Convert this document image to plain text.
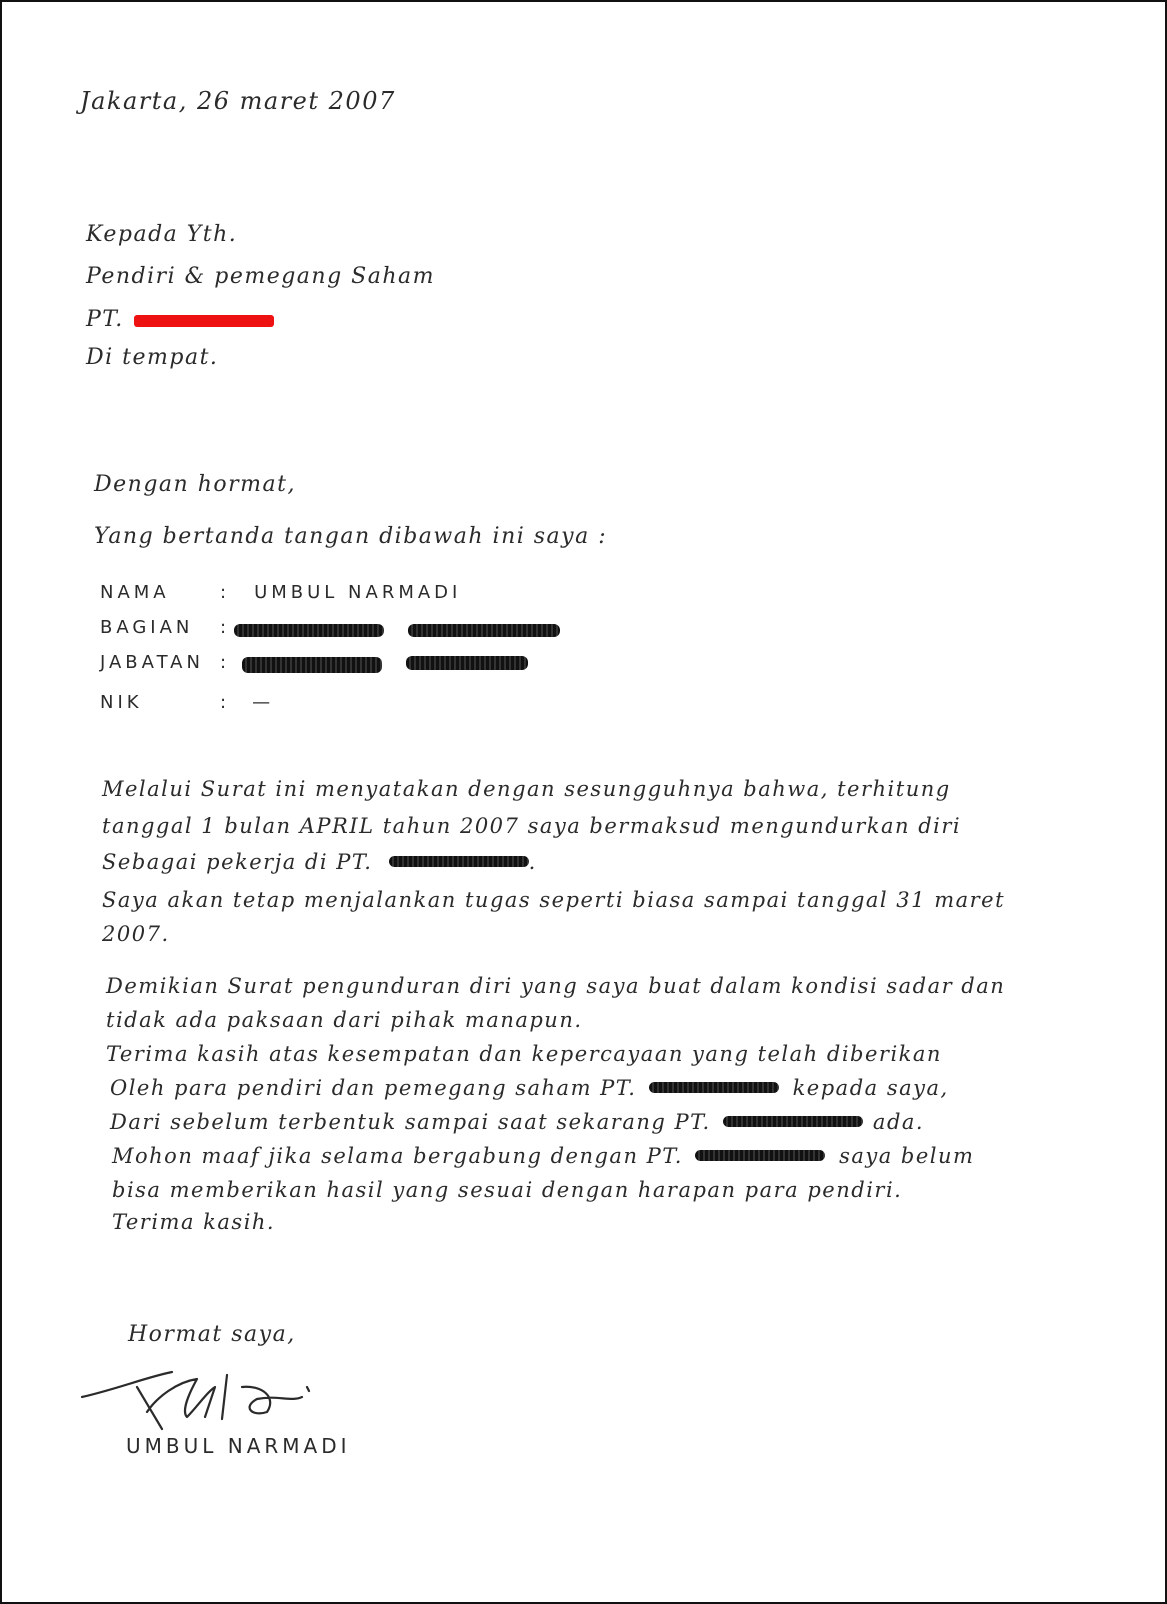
Jakarta, 26 maret 2007
Kepada Yth.
Pendiri & pemegang Saham
PT.
Di tempat.
Dengan hormat,
Yang bertanda tangan dibawah ini saya :
NAMA	: UMBUL NARMADI
BAGIAN :
JABATAN :
NIK	: —
Melalui Surat ini menyatakan dengan sesungguhnya bahwa, terhitung
tanggal 1 bulan APRIL tahun 2007 saya bermaksud mengundurkan diri
Sebagai pekerja di PT.	.
Saya akan tetap menjalankan tugas seperti biasa sampai tanggal 31 maret
2007.
Demikian Surat pengunduran diri yang saya buat dalam kondisi sadar dan
tidak ada paksaan dari pihak manapun.
Terima kasih atas kesempatan dan kepercayaan yang telah diberikan
Oleh para pendiri dan pemegang saham PT.	kepada saya,
Dari sebelum terbentuk sampai saat sekarang PT.	ada.
Mohon maaf jika selama bergabung dengan PT.	saya belum
bisa memberikan hasil yang sesuai dengan harapan para pendiri.
Terima kasih.
Hormat saya,
UMBUL NARMADI
